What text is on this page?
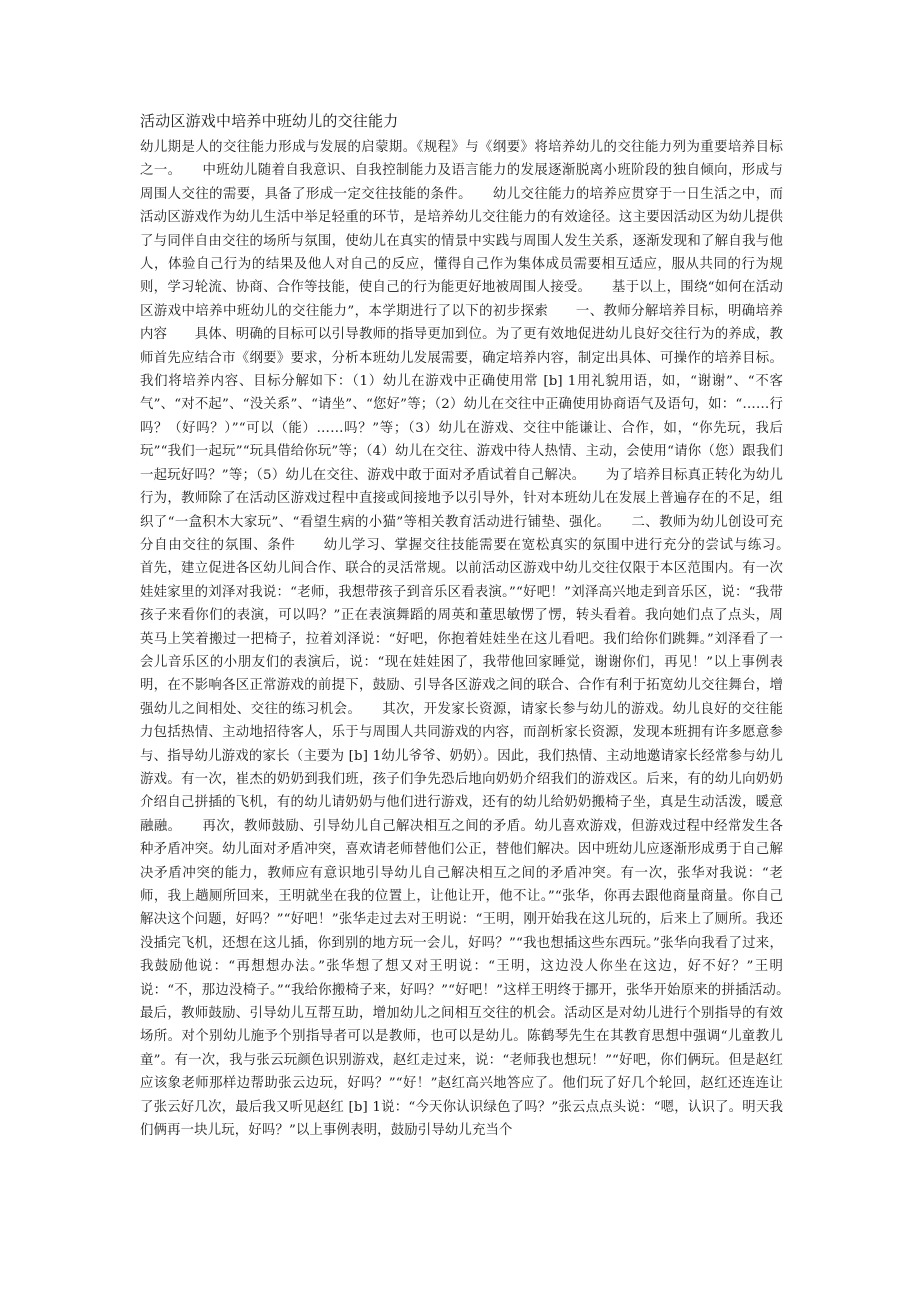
活动区游戏中培养中班幼儿的交往能力

幼儿期是人的交往能力形成与发展的启蒙期。《规程》与《纲要》将培养幼儿的交往能力列为重要培养目标之一。　　中班幼儿随着自我意识、自我控制能力及语言能力的发展逐渐脱离小班阶段的独自倾向，形成与周围人交往的需要，具备了形成一定交往技能的条件。　　幼儿交往能力的培养应贯穿于一日生活之中，而活动区游戏作为幼儿生活中举足轻重的环节，是培养幼儿交往能力的有效途径。这主要因活动区为幼儿提供了与同伴自由交往的场所与氛围，使幼儿在真实的情景中实践与周围人发生关系，逐渐发现和了解自我与他人，体验自己行为的结果及他人对自己的反应，懂得自己作为集体成员需要相互适应，服从共同的行为规则，学习轮流、协商、合作等技能，使自己的行为能更好地被周围人接受。　　基于以上，围绕“如何在活动区游戏中培养中班幼儿的交往能力”，本学期进行了以下的初步探索　　一、教师分解培养目标，明确培养内容　　具体、明确的目标可以引导教师的指导更加到位。为了更有效地促进幼儿良好交往行为的养成，教师首先应结合市《纲要》要求，分析本班幼儿发展需要，确定培养内容，制定出具体、可操作的培养目标。我们将培养内容、目标分解如下：（1）幼儿在游戏中正确使用常 [b] 1用礼貌用语，如，“谢谢”、“不客气”、“对不起”、“没关系”、“请坐”、“您好”等；（2）幼儿在交往中正确使用协商语气及语句，如：“……行吗？（好吗？）”“可以（能）……吗？”等；（3）幼儿在游戏、交往中能谦让、合作，如，“你先玩，我后玩”“我们一起玩”“玩具借给你玩”等；（4）幼儿在交往、游戏中待人热情、主动，会使用“请你（您）跟我们一起玩好吗？”等；（5）幼儿在交往、游戏中敢于面对矛盾试着自己解决。　　为了培养目标真正转化为幼儿行为，教师除了在活动区游戏过程中直接或间接地予以引导外，针对本班幼儿在发展上普遍存在的不足，组织了“一盒积木大家玩”、“看望生病的小猫”等相关教育活动进行铺垫、强化。　　二、教师为幼儿创设可充分自由交往的氛围、条件　　幼儿学习、掌握交往技能需要在宽松真实的氛围中进行充分的尝试与练习。　　首先，建立促进各区幼儿间合作、联合的灵活常规。以前活动区游戏中幼儿交往仅限于本区范围内。有一次娃娃家里的刘泽对我说：“老师，我想带孩子到音乐区看表演。”“好吧！”刘泽高兴地走到音乐区，说：“我带孩子来看你们的表演，可以吗？”正在表演舞蹈的周英和董思敏愣了愣，转头看着。我向她们点了点头，周英马上笑着搬过一把椅子，拉着刘泽说：“好吧，你抱着娃娃坐在这儿看吧。我们给你们跳舞。”刘泽看了一会儿音乐区的小朋友们的表演后，说：“现在娃娃困了，我带他回家睡觉，谢谢你们，再见！”以上事例表明，在不影响各区正常游戏的前提下，鼓励、引导各区游戏之间的联合、合作有利于拓宽幼儿交往舞台，增强幼儿之间相处、交往的练习机会。　　其次，开发家长资源，请家长参与幼儿的游戏。幼儿良好的交往能力包括热情、主动地招待客人，乐于与周围人共同游戏的内容，而剖析家长资源，发现本班拥有许多愿意参与、指导幼儿游戏的家长（主要为 [b] 1幼儿爷爷、奶奶）。因此，我们热情、主动地邀请家长经常参与幼儿游戏。有一次，崔杰的奶奶到我们班，孩子们争先恐后地向奶奶介绍我们的游戏区。后来，有的幼儿向奶奶介绍自己拼插的飞机，有的幼儿请奶奶与他们进行游戏，还有的幼儿给奶奶搬椅子坐，真是生动活泼，暖意融融。　　再次，教师鼓励、引导幼儿自己解决相互之间的矛盾。幼儿喜欢游戏，但游戏过程中经常发生各种矛盾冲突。幼儿面对矛盾冲突，喜欢请老师替他们公正，替他们解决。因中班幼儿应逐渐形成勇于自己解决矛盾冲突的能力，教师应有意识地引导幼儿自己解决相互之间的矛盾冲突。有一次，张华对我说：“老师，我上趟厕所回来，王明就坐在我的位置上，让他让开，他不让。”“张华，你再去跟他商量商量。你自己解决这个问题，好吗？”“好吧！”张华走过去对王明说：“王明，刚开始我在这儿玩的，后来上了厕所。我还没插完飞机，还想在这儿插，你到别的地方玩一会儿，好吗？”“我也想插这些东西玩。”张华向我看了过来，我鼓励他说：“再想想办法。”张华想了想又对王明说：“王明，这边没人你坐在这边，好不好？”王明说：“不，那边没椅子。”“我给你搬椅子来，好吗？”“好吧！”这样王明终于挪开，张华开始原来的拼插活动。　　最后，教师鼓励、引导幼儿互帮互助，增加幼儿之间相互交往的机会。活动区是对幼儿进行个别指导的有效场所。对个别幼儿施予个别指导者可以是教师，也可以是幼儿。陈鹤琴先生在其教育思想中强调“儿童教儿童”。有一次，我与张云玩颜色识别游戏，赵红走过来，说：“老师我也想玩！”“好吧，你们俩玩。但是赵红应该象老师那样边帮助张云边玩，好吗？”“好！”赵红高兴地答应了。他们玩了好几个轮回，赵红还连连让了张云好几次，最后我又听见赵红 [b] 1说：“今天你认识绿色了吗？”张云点点头说：“嗯，认识了。明天我们俩再一块儿玩，好吗？”以上事例表明，鼓励引导幼儿充当个
